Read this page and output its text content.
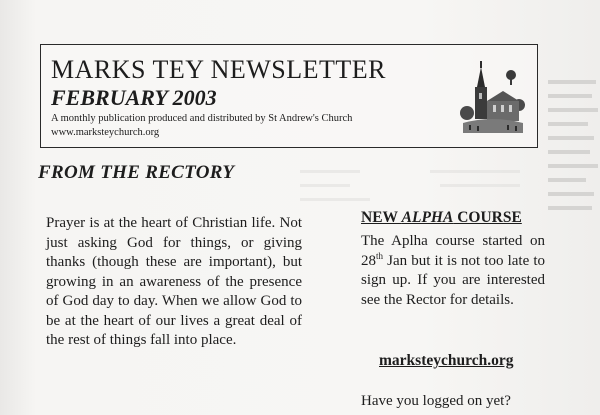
MARKS TEY NEWSLETTER
FEBRUARY 2003
A monthly publication produced and distributed by St Andrew's Church
www.marksteychurch.org
FROM THE RECTORY
Prayer is at the heart of Christian life. Not just asking God for things, or giving thanks (though these are important), but growing in an awareness of the presence of God day to day. When we allow God to be at the heart of our lives a great deal of the rest of things fall into place.
NEW ALPHA COURSE
The Aplha course started on 28th Jan but it is not too late to sign up. If you are interested see the Rector for details.
marksteychurch.org
Have you logged on yet?
